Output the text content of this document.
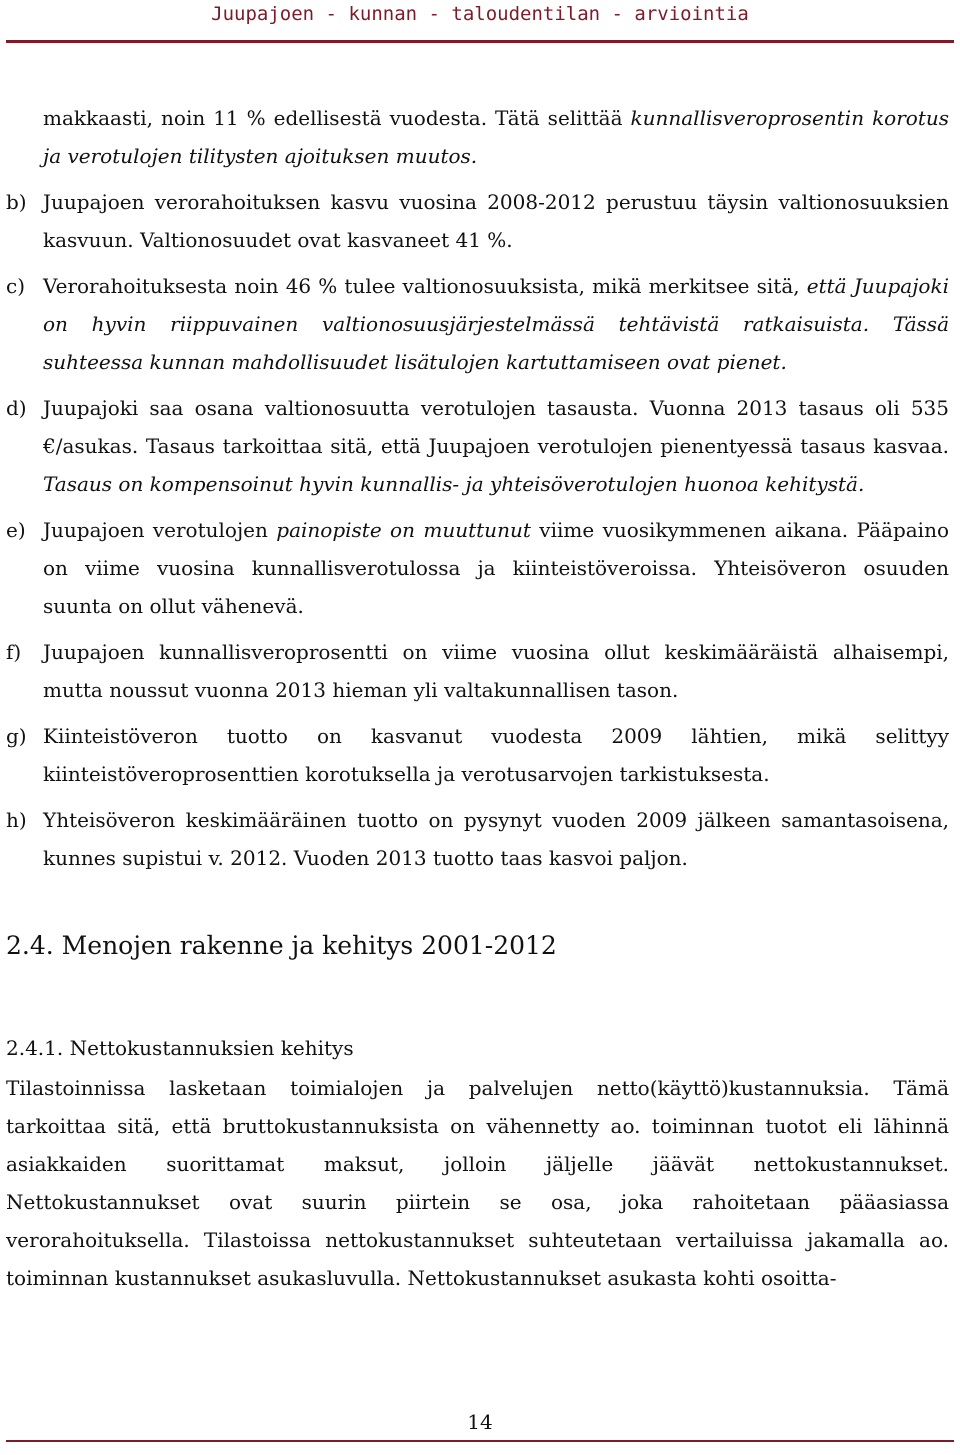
Juupajoen - kunnan - taloudentilan - arviointia
makkaasti, noin 11 % edellisestä vuodesta. Tätä selittää kunnallisveroprosentin korotus ja verotulojen tilitysten ajoituksen muutos.
b) Juupajoen verorahoituksen kasvu vuosina 2008-2012 perustuu täysin valtionosuuksien kasvuun. Valtionosuudet ovat kasvaneet 41 %.
c) Verorahoituksesta noin 46 % tulee valtionosuuksista, mikä merkitsee sitä, että Juupajoki on hyvin riippuvainen valtionosuusjärjestelmässä tehtävistä ratkaisuista. Tässä suhteessa kunnan mahdollisuudet lisätulojen kartuttamiseen ovat pienet.
d) Juupajoki saa osana valtionosuutta verotulojen tasausta. Vuonna 2013 tasaus oli 535 €/asukas. Tasaus tarkoittaa sitä, että Juupajoen verotulojen pienentyessä tasaus kasvaa. Tasaus on kompensoinut hyvin kunnallis- ja yhteisöverotulojen huonoa kehitystä.
e) Juupajoen verotulojen painopiste on muuttunut viime vuosikymmenen aikana. Pääpaino on viime vuosina kunnallisverotulossa ja kiinteistöveroissa. Yhteisöveron osuuden suunta on ollut vähenevä.
f)	Juupajoen kunnallisveroprosentti on viime vuosina ollut keskimääräistä alhaisempi, mutta noussut vuonna 2013 hieman yli valtakunnallisen tason.
g) Kiinteistöveron tuotto on kasvanut vuodesta 2009 lähtien, mikä selittyy kiinteistöveroprosenttien korotuksella ja verotusarvojen tarkistuksesta.
h) Yhteisöveron keskimääräinen tuotto on pysynyt vuoden 2009 jälkeen samantasoisena, kunnes supistui v. 2012. Vuoden 2013 tuotto taas kasvoi paljon.
2.4. Menojen rakenne ja kehitys 2001-2012
2.4.1. Nettokustannuksien kehitys
Tilastoinnissa lasketaan toimialojen ja palvelujen netto(käyttö)kustannuksia. Tämä tarkoittaa sitä, että bruttokustannuksista on vähennetty ao. toiminnan tuotot eli lähinnä asiakkaiden suorittamat maksut, jolloin jäljelle jäävät nettokustannukset. Nettokustannukset ovat suurin piirtein se osa, joka rahoitetaan pääasiassa verorahoituksella. Tilastoissa nettokustannukset suhteutetaan vertailuissa jakamalla ao. toiminnan kustannukset asukasluvulla. Nettokustannukset asukasta kohti osoitta-
14
